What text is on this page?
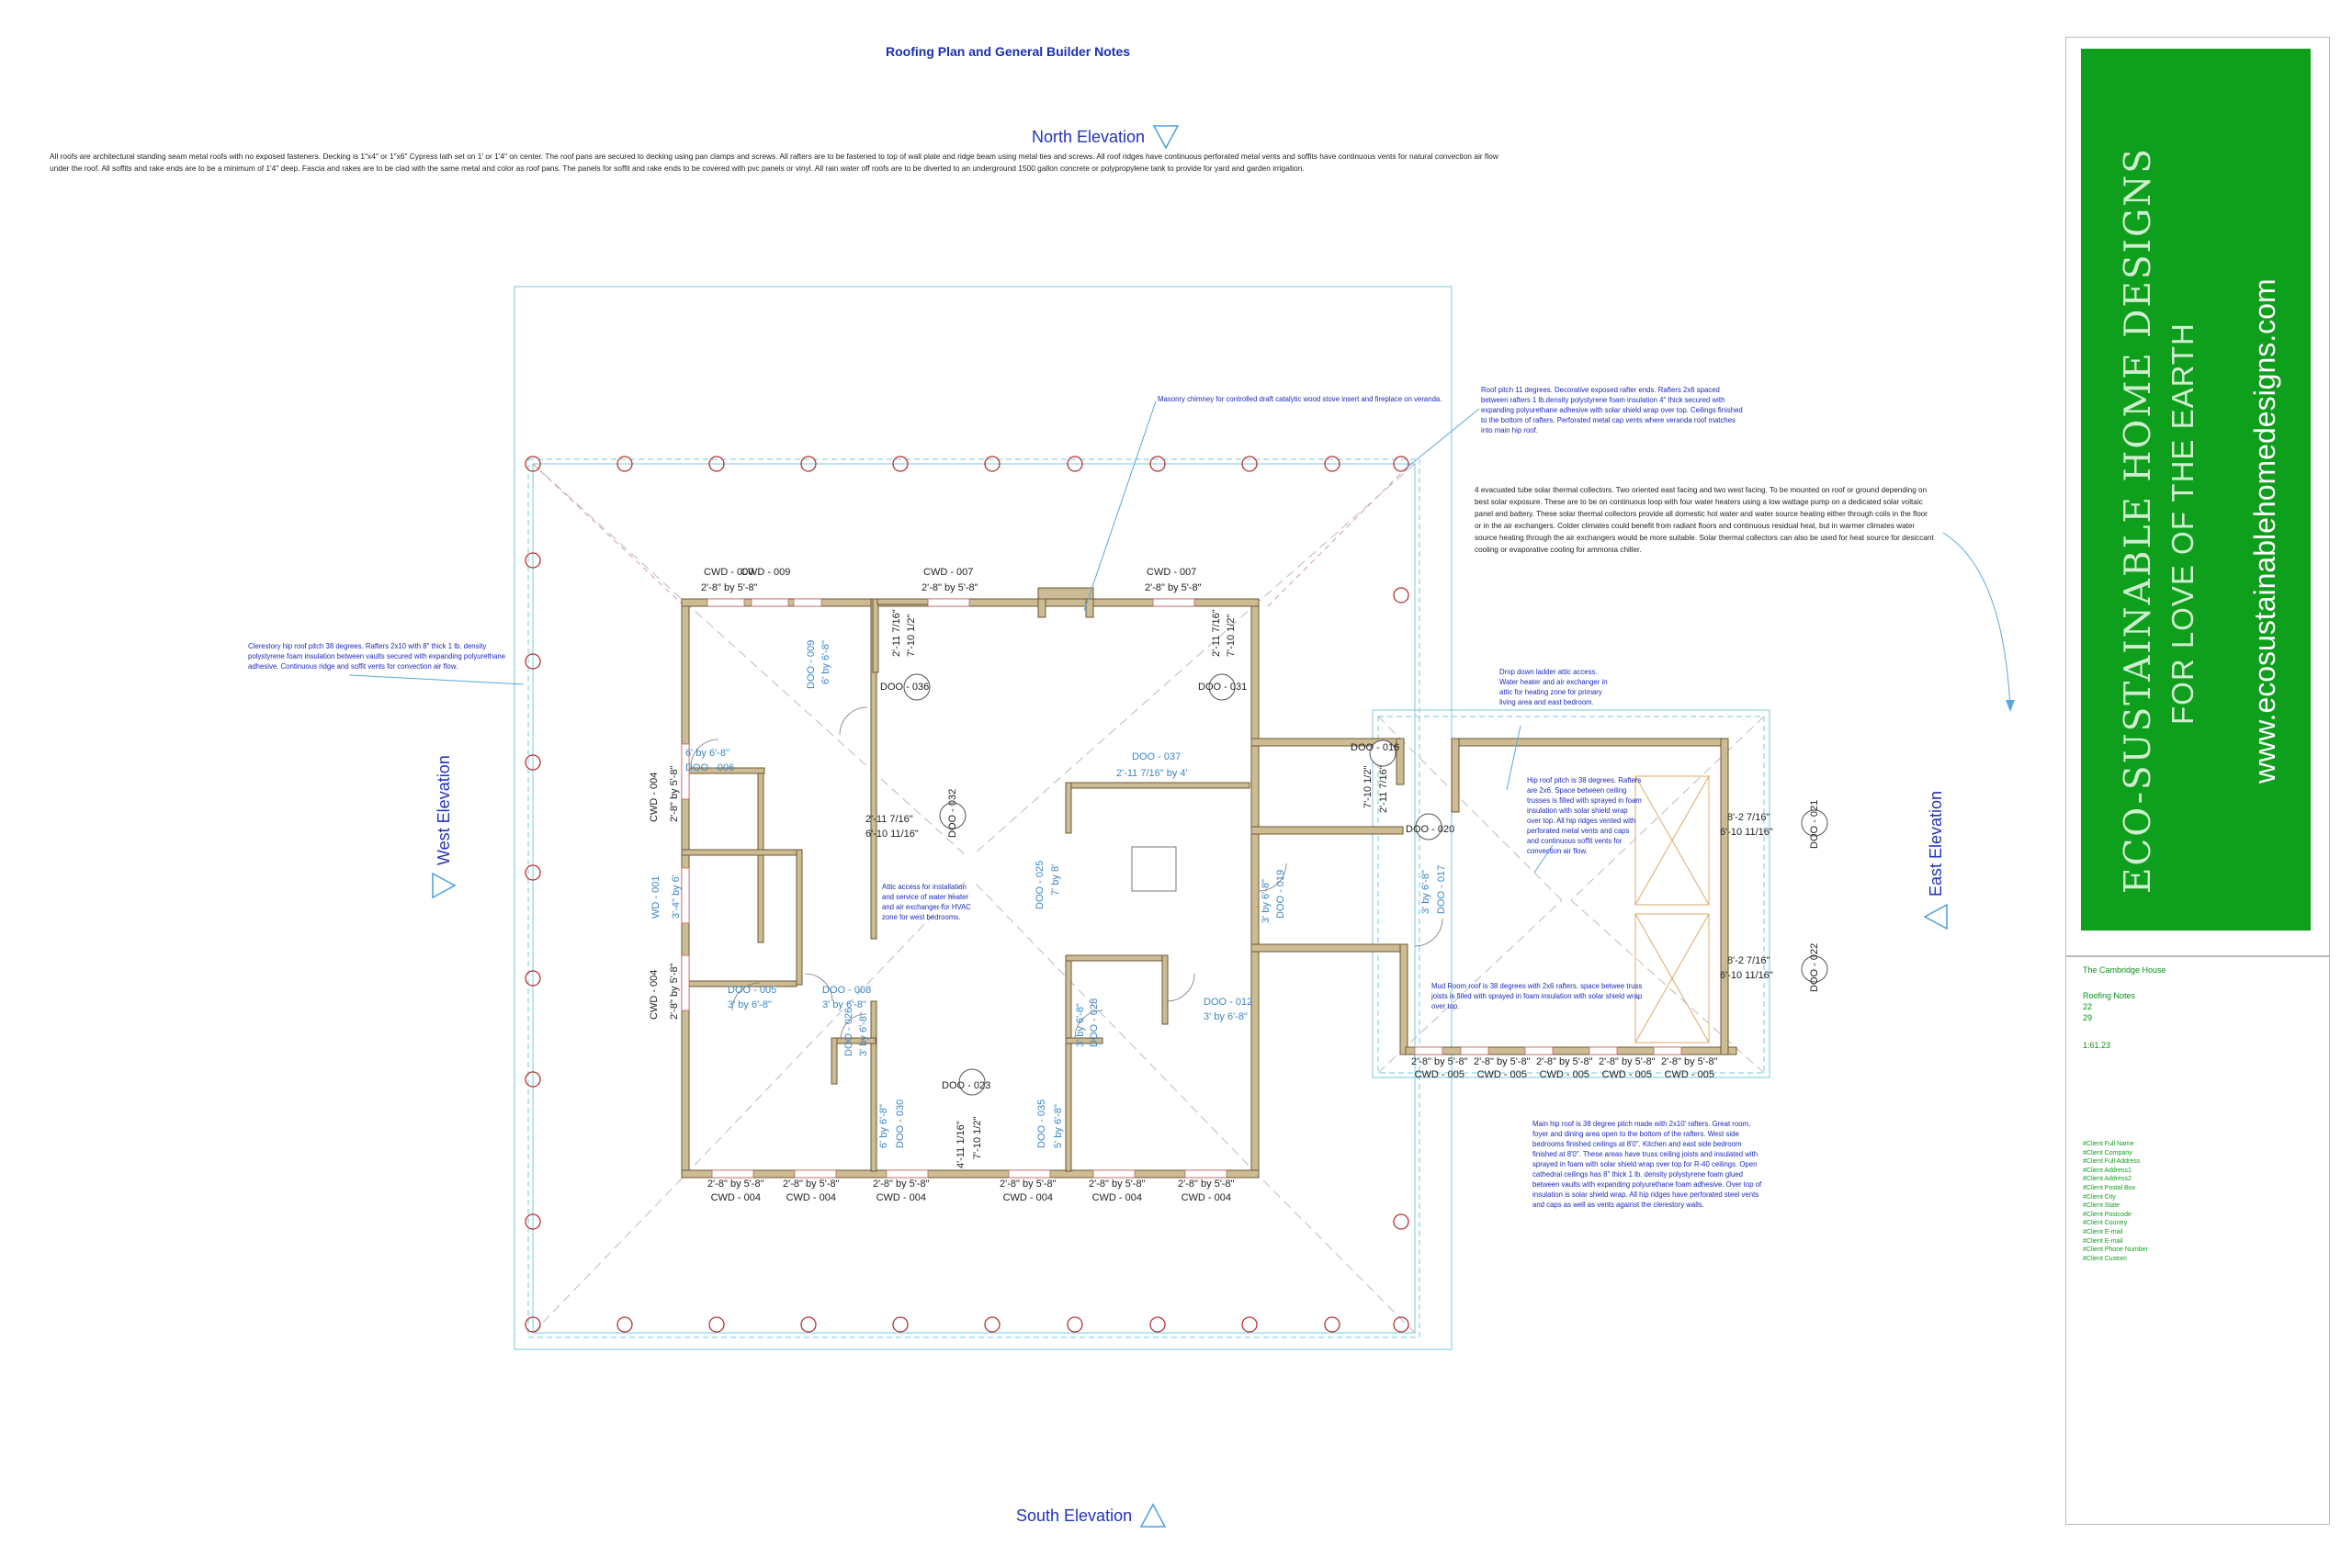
Roofing Plan and General Builder Notes
All roofs are architectural standing seam metal roofs with no exposed fasteners. Decking is 1"x4" or 1"x6" Cypress lath set on 1' or 1'4" on center. The roof pans are secured to decking using pan clamps and screws. All rafters are to be fastened to top of wall plate and ridge beam using metal ties and screws. All roof ridges have continuous perforated metal vents and soffits have continuous vents for natural convection air flow under the roof. All soffits and rake ends are to be a minimum of 1'4" deep. Fascia and rakes are to be clad with the same metal and color as roof pans. The panels for soffit and rake ends to be covered with pvc panels or vinyl. All rain water off roofs are to be diverted to an underground 1500 gallon concrete or polypropylene tank to provide for yard and garden irrigation.
North Elevation
South Elevation
West Elevation	East Elevation
CWD - 000
CWD - 009
2'-8" by 5'-8"
CWD - 007
2'-8" by 5'-8"
CWD - 007
2'-8" by 5'-8"
2'-8" by 5'-8"
CWD - 004
2'-8" by 5'-8"
CWD - 004
2'-8" by 5'-8"
CWD - 004
2'-8" by 5'-8"
CWD - 004
2'-8" by 5'-8"
CWD - 004
2'-8" by 5'-8"
CWD - 004
2'-8" by 5'-8"
CWD - 005
2'-8" by 5'-8"
CWD - 005
2'-8" by 5'-8"
CWD - 005
2'-8" by 5'-8"
CWD - 005
2'-8" by 5'-8"
CWD - 005
CWD - 004 2'-8" by 5'-8"
WD - 001 3'-4" by 6'
CWD - 004 2'-8" by 5'-8"
DOO - 036	DOO - 031
DOO - 037
2'-11 7/16" by 4'
2'-11 7/16"
6'-10 11/16"	DOO - 032
DOO - 023
4'-11 1/16" 7'-10 1/2"
DOO - 025 7' by 8'
DOO - 016
DOO - 020
2'-11 7/16"
7'-10 1/2"
8'-2 7/16"
6'-10 11/16"	DOO - 021
8'-2 7/16"
6'-10 11/16"	DOO - 022
2'-11 7/16" 7'-10 1/2"	2'-11 7/16" 7'-10 1/2"
DOO - 009 6' by 6'-8"
DOO - 006
6' by 6'-8"
DOO - 005
3' by 6'-8"
DOO - 008
3' by 6'-8"	DOO - 012
3' by 6'-8"
DOO - 019
3' by 6'-8"	DOO - 017
3' by 6'-8"
DOO - 030
6' by 6'-8"	DOO - 035 5' by 6'-8"
DOO - 026 3' by 6'-8"	DOO - 028
3' by 6'-8"
Masonry chimney for controlled draft catalytic wood stove insert and fireplace on veranda.
Roof pitch 11 degrees. Decorative exposed rafter ends. Rafters 2x6 spaced between rafters 1 lb.density polystyrene foam insulation 4" thick secured with expanding polyurethane adhesive with solar shield wrap over top. Ceilings finished to the bottom of rafters. Perforated metal cap vents where veranda roof matches into main hip roof.
4 evacuated tube solar thermal collectors. Two oriented east facing and two west facing. To be mounted on roof or ground depending on best solar exposure. These are to be on continuous loop with four water heaters using a low wattage pump on a dedicated solar voltaic panel and battery. These solar thermal collectors provide all domestic hot water and water source heating either through coils in the floor or in the air exchangers. Colder climates could benefit from radiant floors and continuous residual heat, but in warmer climates water source heating through the air exchangers would be more suitable. Solar thermal collectors can also be used for heat source for desiccant cooling or evaporative cooling for ammonia chiller.
Clerestory hip roof pitch 38 degrees. Rafters 2x10 with 8" thick 1 lb. density polystyrene foam insulation between vaults secured with expanding polyurethane adhesive. Continuous ridge and soffit vents for convection air flow.
Drop down ladder attic access. Water heater and air exchanger in attic for heating zone for primary living area and east bedroom.
Hip roof pitch is 38 degrees. Rafters are 2x6. Space between ceiling trusses is filled with sprayed in foam insulation with solar shield wrap over top. All hip ridges vented with perforated metal vents and caps and continuous soffit vents for convection air flow.
Attic access for installation and service of water heater and air exchanger for HVAC zone for west bedrooms.
Mud Room roof is 38 degrees with 2x6 rafters. space betwee truss joists is filled with sprayed in foam insulation with solar shield wrap over top.
Main hip roof is 38 degree pitch made with 2x10' rafters. Great room, foyer and dining area open to the bottom of the rafters. West side bedrooms finished ceilings at 8'0". Kitchen and east side bedroom finished at 8'0". These areas have truss ceiling joists and insulated with sprayed in foam with solar shield wrap over top for R-40 ceilings. Open cathedral ceilings has 8" thick 1 lb. density polystyrene foam glued between vaults with expanding polyurethane foam adhesive. Over top of insulation is solar shield wrap. All hip ridges have perforated steel vents and caps as well as vents against the clerestory walls.
ECO-SUSTAINABLE HOME DESIGNS FOR LOVE OF THE EARTH www.ecosustainablehomedesigns.com
The Cambridge House
Roofing Notes
22
29
1:61.23
#Client Full Name
#Client Company
#Client Full Address
#Client Address1
#Client Address2
#Client Postal Box
#Client City
#Client State
#Client Postcode
#Client Country
#Client E-mail
#Client E-mail
#Client Phone Number
#Client Custom
